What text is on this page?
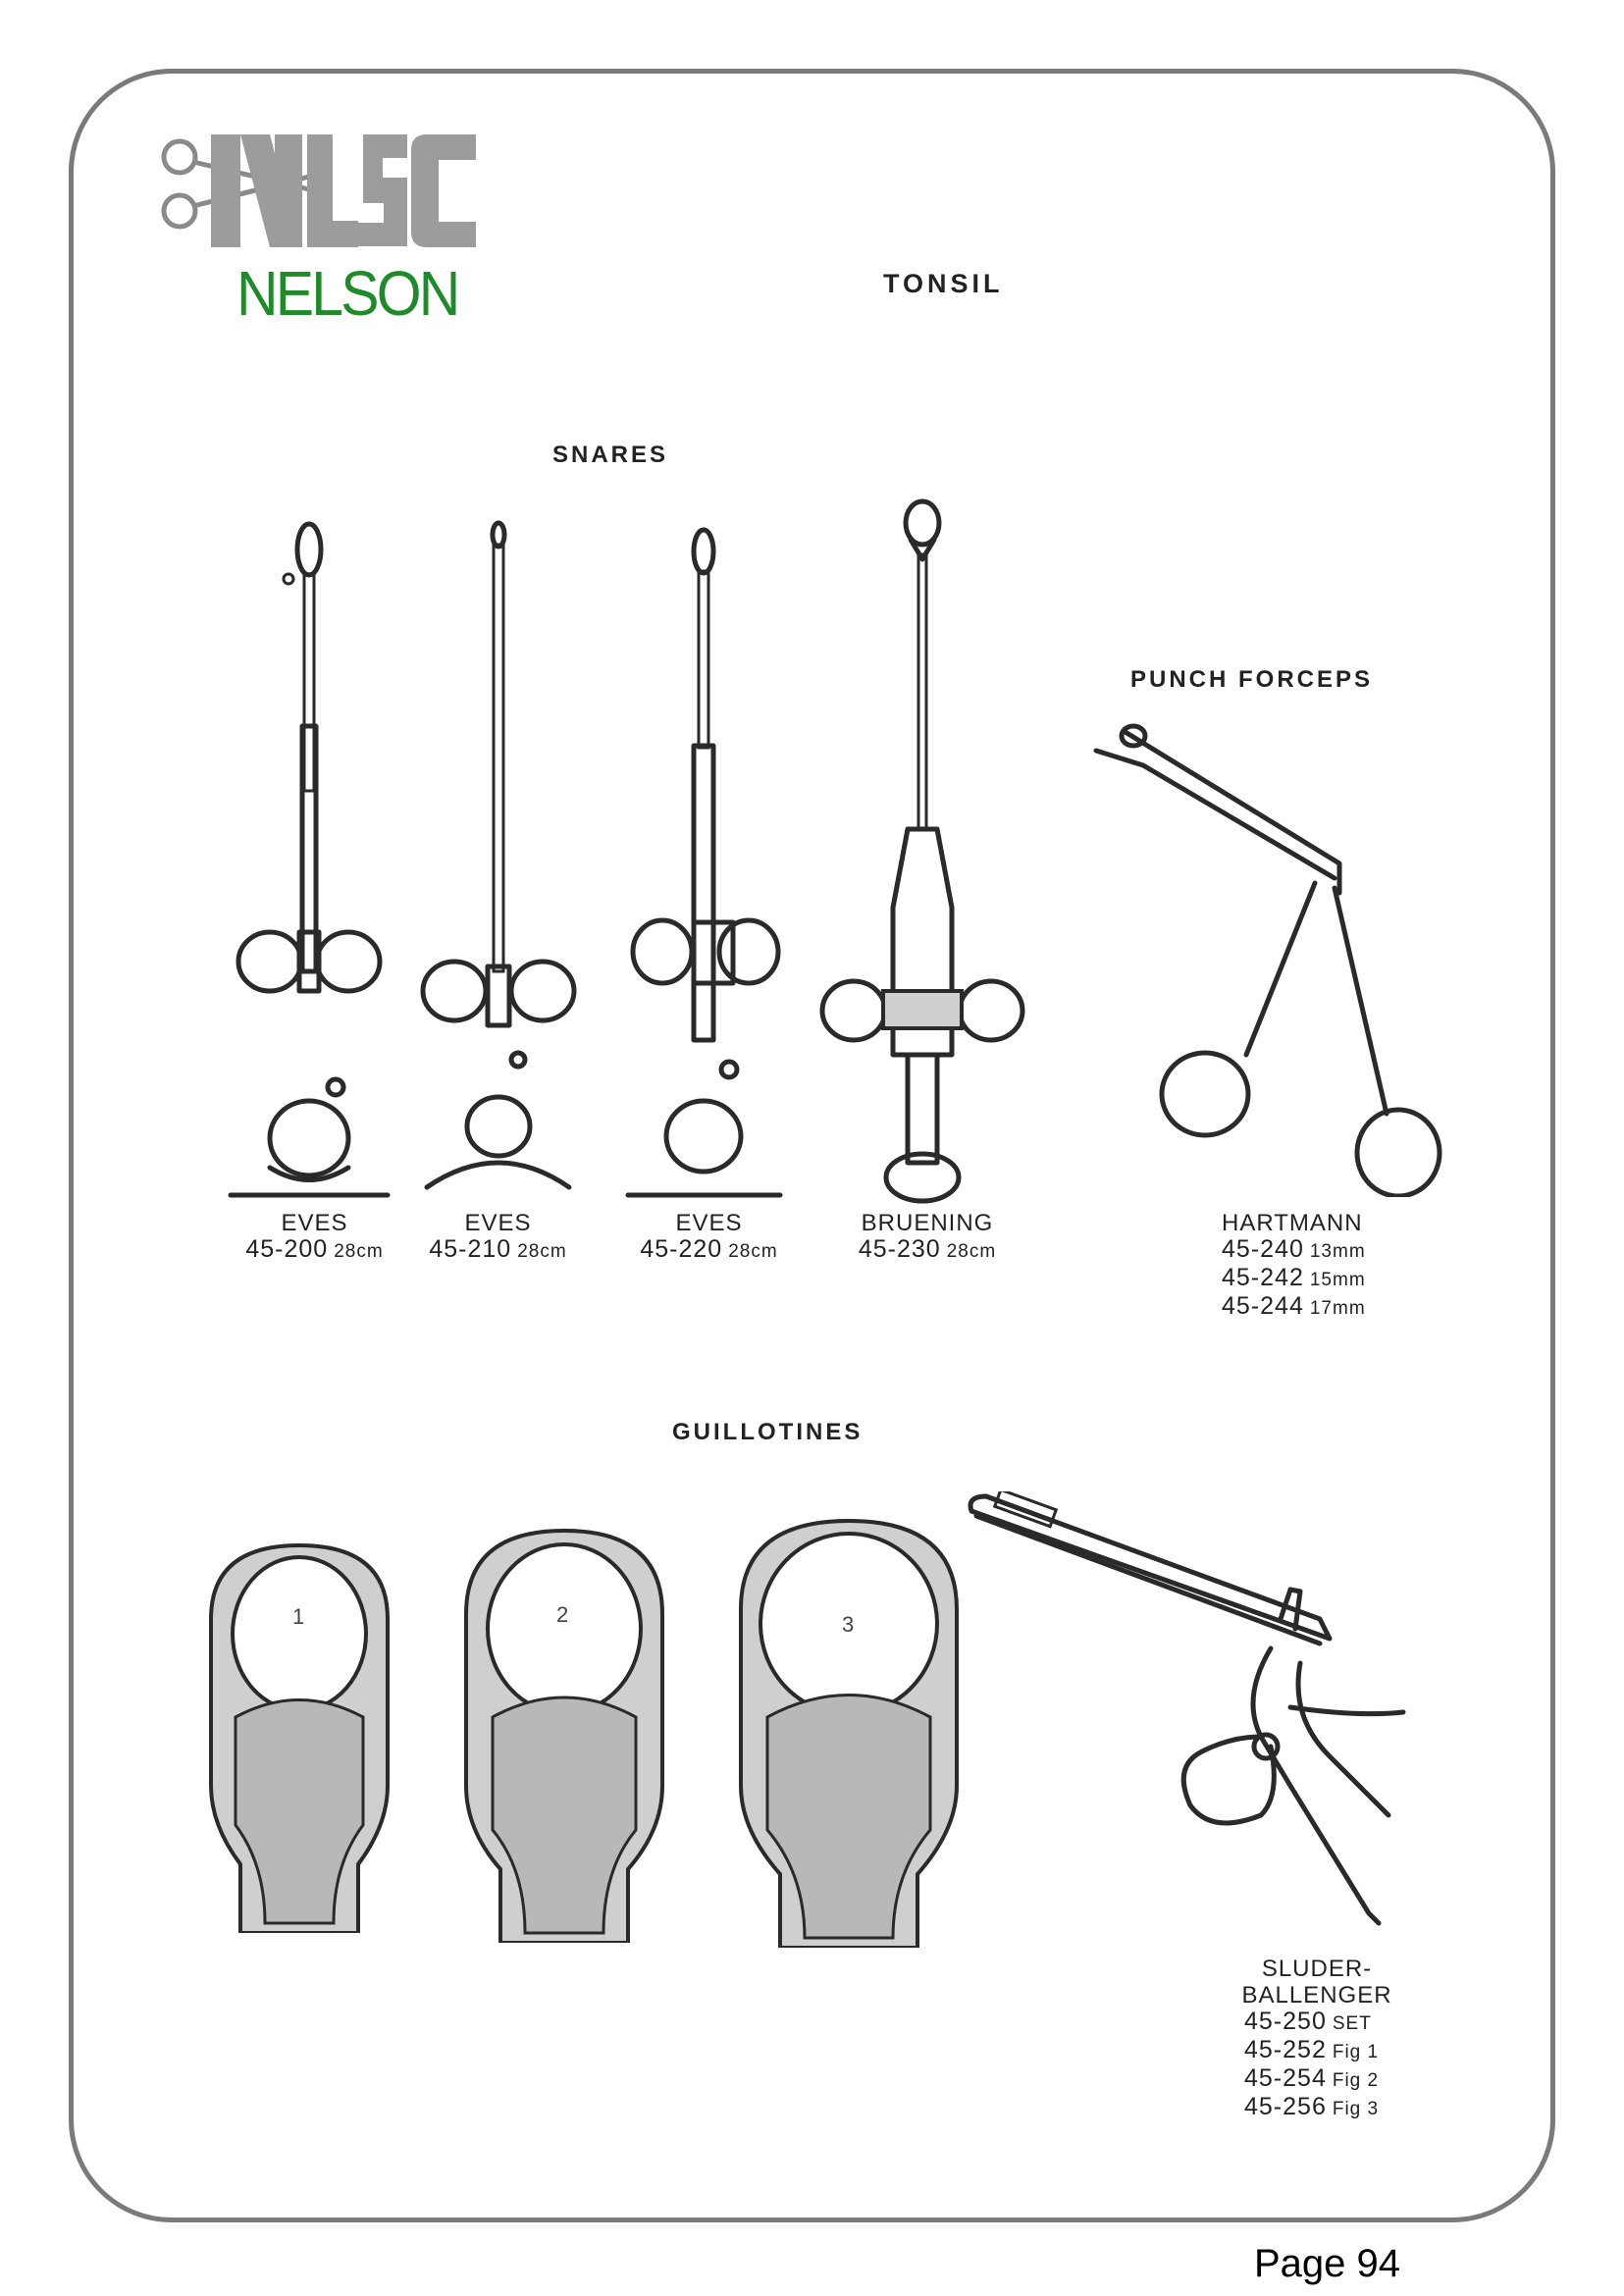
NELSON	TONSIL
SNARES
PUNCH FORCEPS
GUILLOTINES
1	2	3
EVES
45-200 28cm
EVES
45-210 28cm
EVES
45-220 28cm
BRUENING
45-230 28cm
HARTMANN
45-240 13mm
45-242 15mm
45-244 17mm
SLUDER-BALLENGER
45-250 SET
45-252 Fig 1
45-254 Fig 2
45-256 Fig 3
Page 94
